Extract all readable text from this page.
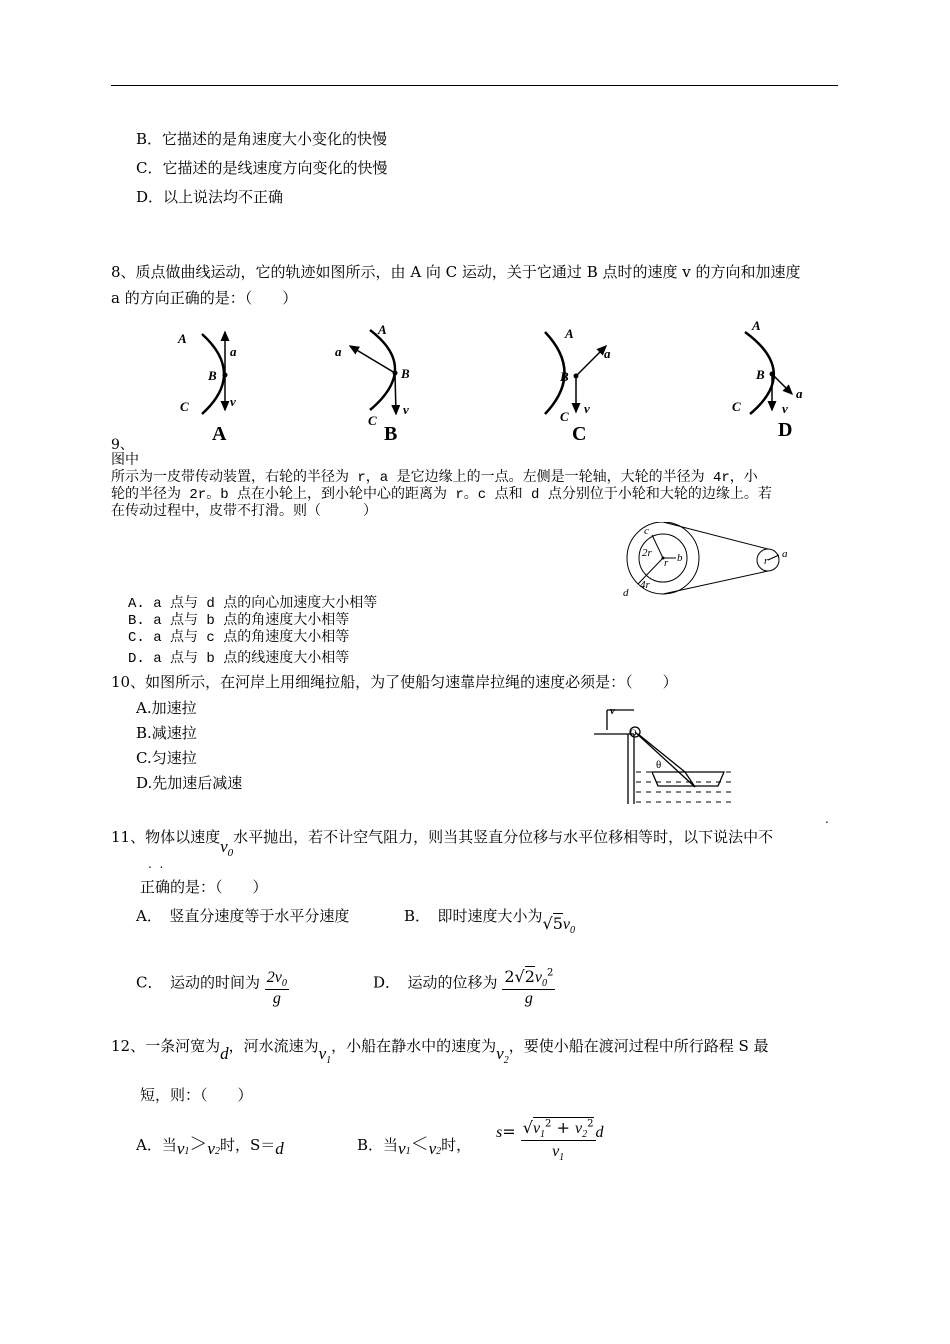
B．它描述的是角速度大小变化的快慢
C．它描述的是线速度方向变化的快慢
D．以上说法均不正确
8、质点做曲线运动，它的轨迹如图所示，由 A 向 C 运动，关于它通过 B 点时的速度 v 的方向和加速度
a 的方向正确的是：（　　）
A
B
C
a
v
A
A
B
C
a
v
B
A
B
C
a
v
C
A
B
C
a
v
D
9、
图中
所示为一皮带传动装置，右轮的半径为 r，a 是它边缘上的一点。左侧是一轮轴，大轮的半径为 4r，小
轮的半径为 2r。b 点在小轮上，到小轮中心的距离为 r。c 点和 d 点分别位于小轮和大轮的边缘上。若
在传动过程中，皮带不打滑。则（　　　）
c
2r b
r
d
4r
a
r
A. a 点与 d 点的向心加速度大小相等
B. a 点与 b 点的角速度大小相等
C. a 点与 c 点的角速度大小相等
D. a 点与 b 点的线速度大小相等
10、如图所示，在河岸上用细绳拉船，为了使船匀速靠岸拉绳的速度必须是：（　　）
A.加速拉
B.减速拉
C.匀速拉
D.先加速后减速
v
O
θ
11、物体以速度$v_0$水平抛出，若不计空气阻力，则当其竖直分位移与水平位移相等时，以下说法中不
.
.  .
正确的是：（　　）
A．　竖直分速度等于水平分速度	B．　即时速度大小为$√5v_0$
C．　运动的时间为 $\frac{2v_0}{g}$	D．　运动的位移为 $\frac{2√2v_0^2}{g}$
12、一条河宽为d，河水流速为$v_1$，小船在静水中的速度为$v_2$，要使小船在渡河过程中所行路程 S 最
短，则：（　　）
A．当$v_1>v_2$时，S＝d	B．当$v_1<v_2$时，
$s= \frac{√v_1^2 + v_2^2}{v_1}$ d
